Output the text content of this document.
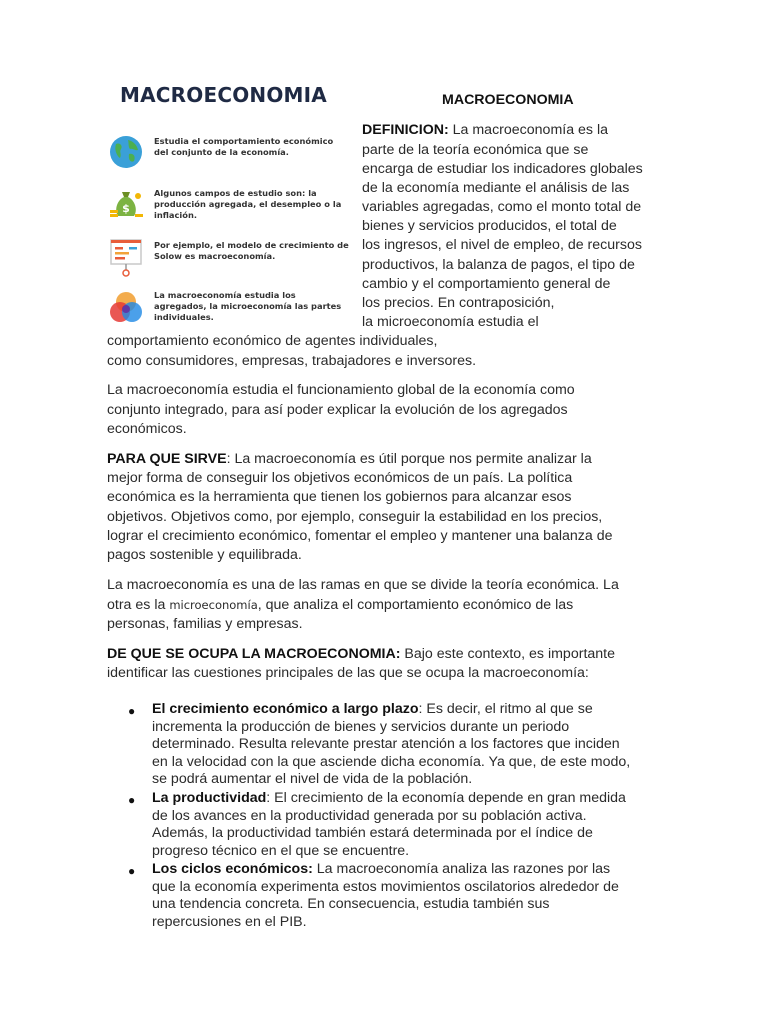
MACROECONOMIA
Estudia el comportamiento económico del conjunto de la economía.
$
Algunos campos de estudio son: la producción agregada, el desempleo o la inflación.
Por ejemplo, el modelo de crecimiento de Solow es macroeconomía.
La macroeconomía estudia los agregados, la microeconomía las partes individuales.
MACROECONOMIA
DEFINICION: La macroeconomía es la
parte de la teoría económica que se
encarga de estudiar los indicadores globales
de la economía mediante el análisis de las
variables agregadas, como el monto total de
bienes y servicios producidos, el total de
los ingresos, el nivel de empleo, de recursos
productivos, la balanza de pagos, el tipo de
cambio y el comportamiento general de
los precios. En contraposición,
la microeconomía estudia el
comportamiento económico de agentes individuales,
como consumidores, empresas, trabajadores e inversores.
La macroeconomía estudia el funcionamiento global de la economía como
conjunto integrado, para así poder explicar la evolución de los agregados
económicos.
PARA QUE SIRVE: La macroeconomía es útil porque nos permite analizar la
mejor forma de conseguir los objetivos económicos de un país. La política
económica es la herramienta que tienen los gobiernos para alcanzar esos
objetivos. Objetivos como, por ejemplo, conseguir la estabilidad en los precios,
lograr el crecimiento económico, fomentar el empleo y mantener una balanza de
pagos sostenible y equilibrada.
La macroeconomía es una de las ramas en que se divide la teoría económica. La
otra es la microeconomía, que analiza el comportamiento económico de las
personas, familias y empresas.
DE QUE SE OCUPA LA MACROECONOMIA: Bajo este contexto, es importante
identificar las cuestiones principales de las que se ocupa la macroeconomía:
● El crecimiento económico a largo plazo: Es decir, el ritmo al que se
incrementa la producción de bienes y servicios durante un periodo
determinado. Resulta relevante prestar atención a los factores que inciden
en la velocidad con la que asciende dicha economía. Ya que, de este modo,
se podrá aumentar el nivel de vida de la población.
● La productividad: El crecimiento de la economía depende en gran medida
de los avances en la productividad generada por su población activa.
Además, la productividad también estará determinada por el índice de
progreso técnico en el que se encuentre.
● Los ciclos económicos: La macroeconomía analiza las razones por las
que la economía experimenta estos movimientos oscilatorios alrededor de
una tendencia concreta. En consecuencia, estudia también sus
repercusiones en el PIB.
